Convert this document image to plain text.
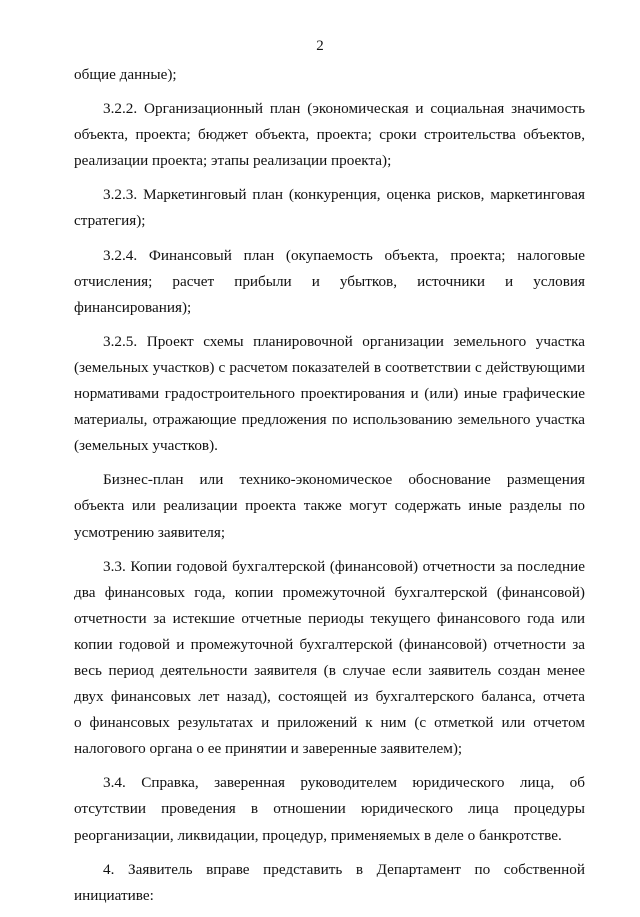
2
общие данные);
3.2.2. Организационный план (экономическая и социальная значимость
объекта, проекта; бюджет объекта, проекта; сроки строительства объектов,
реализации проекта; этапы реализации проекта);
3.2.3. Маркетинговый план (конкуренция, оценка рисков, маркетинговая
стратегия);
3.2.4. Финансовый план (окупаемость объекта, проекта; налоговые
отчисления; расчет прибыли и убытков, источники и условия
финансирования);
3.2.5. Проект схемы планировочной организации земельного участка
(земельных участков) с расчетом показателей в соответствии с действующими
нормативами градостроительного проектирования и (или) иные графические
материалы, отражающие предложения по использованию земельного участка
(земельных участков).
Бизнес-план или технико-экономическое обоснование размещения
объекта или реализации проекта также могут содержать иные разделы по
усмотрению заявителя;
3.3. Копии годовой бухгалтерской (финансовой) отчетности за последние
два финансовых года, копии промежуточной бухгалтерской (финансовой)
отчетности за истекшие отчетные периоды текущего финансового года или
копии годовой и промежуточной бухгалтерской (финансовой) отчетности за
весь период деятельности заявителя (в случае если заявитель создан менее
двух финансовых лет назад), состоящей из бухгалтерского баланса, отчета
о финансовых результатах и приложений к ним (с отметкой или отчетом
налогового органа о ее принятии и заверенные заявителем);
3.4. Справка, заверенная руководителем юридического лица, об
отсутствии проведения в отношении юридического лица процедуры
реорганизации, ликвидации, процедур, применяемых в деле о банкротстве.
4. Заявитель вправе представить в Департамент по собственной
инициативе:
